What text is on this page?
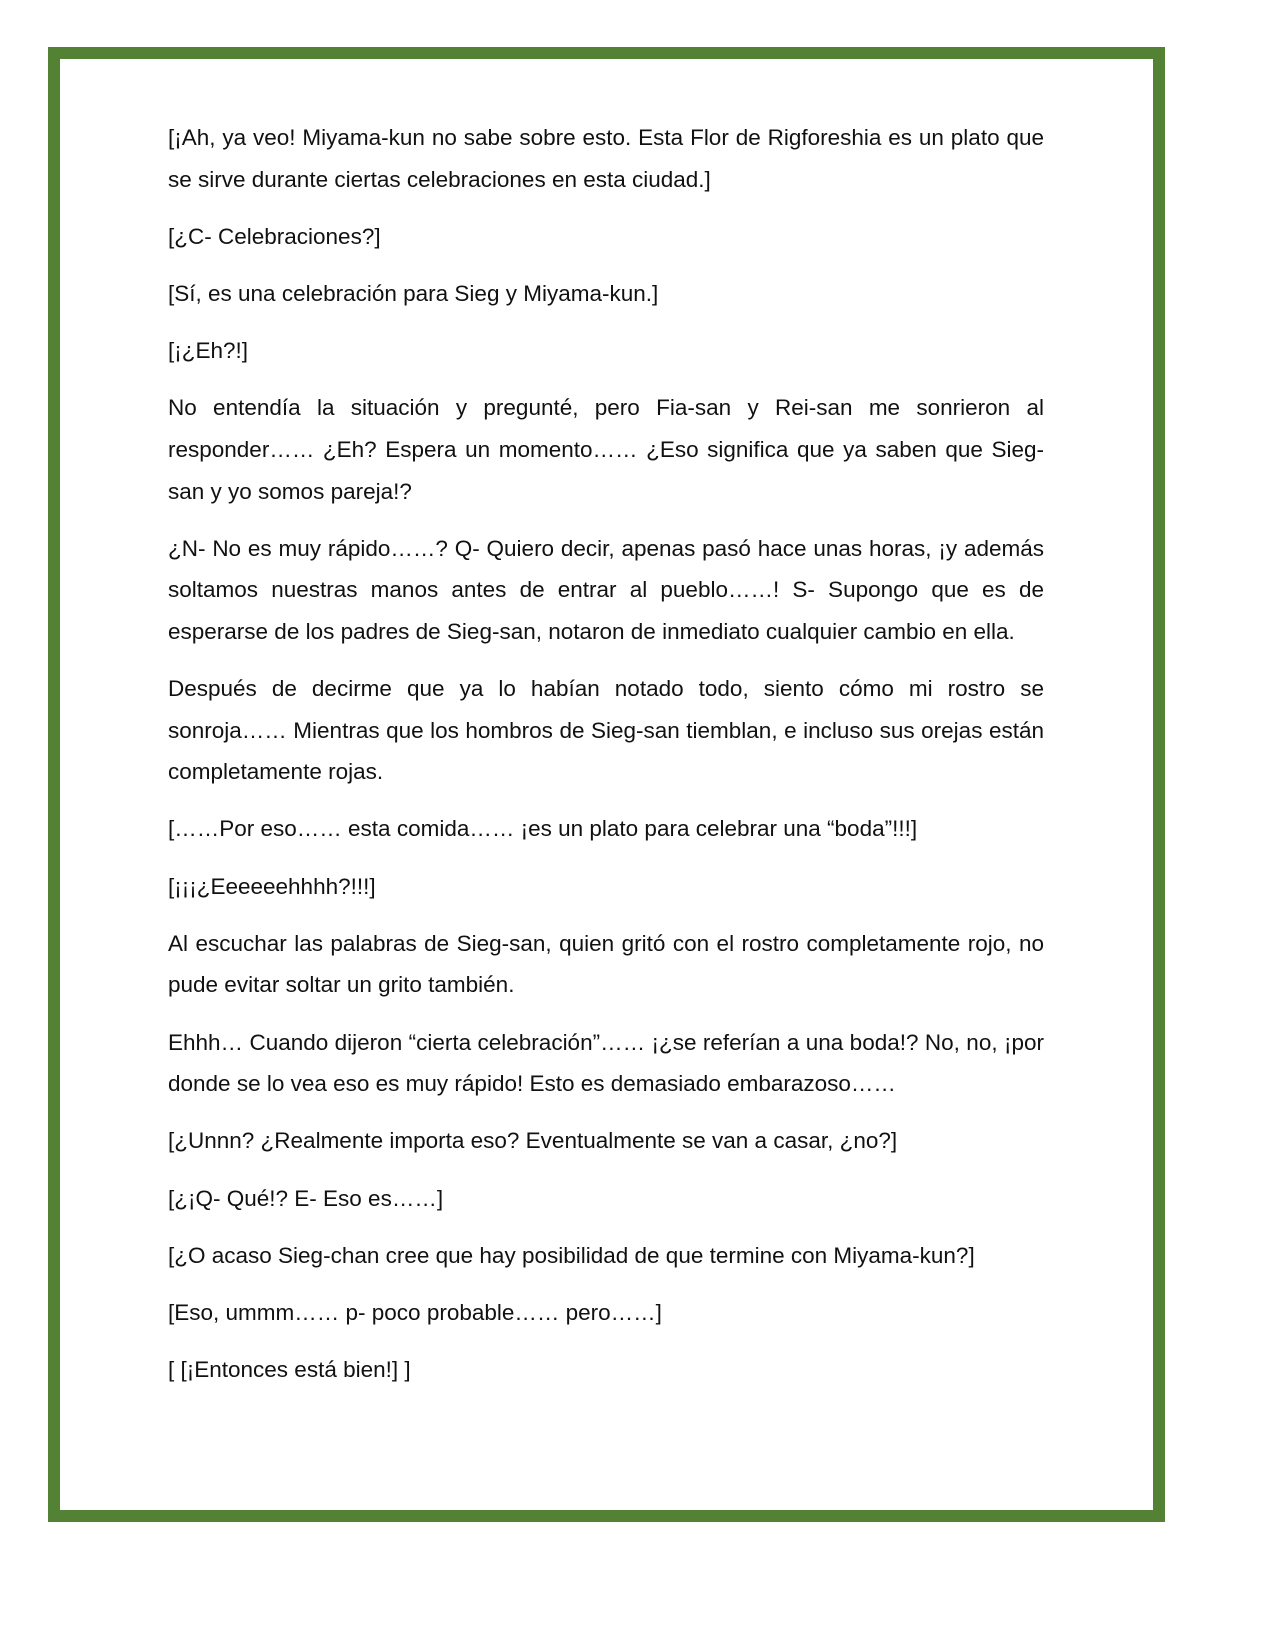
[¡Ah, ya veo! Miyama-kun no sabe sobre esto. Esta Flor de Rigforeshia es un plato que se sirve durante ciertas celebraciones en esta ciudad.]

[¿C- Celebraciones?]

[Sí, es una celebración para Sieg y Miyama-kun.]

[¡¿Eh?!]

No entendía la situación y pregunté, pero Fia-san y Rei-san me sonrieron al responder…… ¿Eh? Espera un momento…… ¿Eso significa que ya saben que Sieg-san y yo somos pareja!?

¿N- No es muy rápido……? Q- Quiero decir, apenas pasó hace unas horas, ¡y además soltamos nuestras manos antes de entrar al pueblo……! S- Supongo que es de esperarse de los padres de Sieg-san, notaron de inmediato cualquier cambio en ella.

Después de decirme que ya lo habían notado todo, siento cómo mi rostro se sonroja…… Mientras que los hombros de Sieg-san tiemblan, e incluso sus orejas están completamente rojas.

[……Por eso…… esta comida…… ¡es un plato para celebrar una “boda”!!!]

[¡¡¡¿Eeeeeehhhh?!!!]

Al escuchar las palabras de Sieg-san, quien gritó con el rostro completamente rojo, no pude evitar soltar un grito también.

Ehhh… Cuando dijeron “cierta celebración”…… ¡¿se referían a una boda!? No, no, ¡por donde se lo vea eso es muy rápido! Esto es demasiado embarazoso……

[¿Unnn? ¿Realmente importa eso? Eventualmente se van a casar, ¿no?]

[¿¡Q- Qué!? E- Eso es……]

[¿O acaso Sieg-chan cree que hay posibilidad de que termine con Miyama-kun?]

[Eso, ummm…… p- poco probable…… pero……]

[ [¡Entonces está bien!] ]
